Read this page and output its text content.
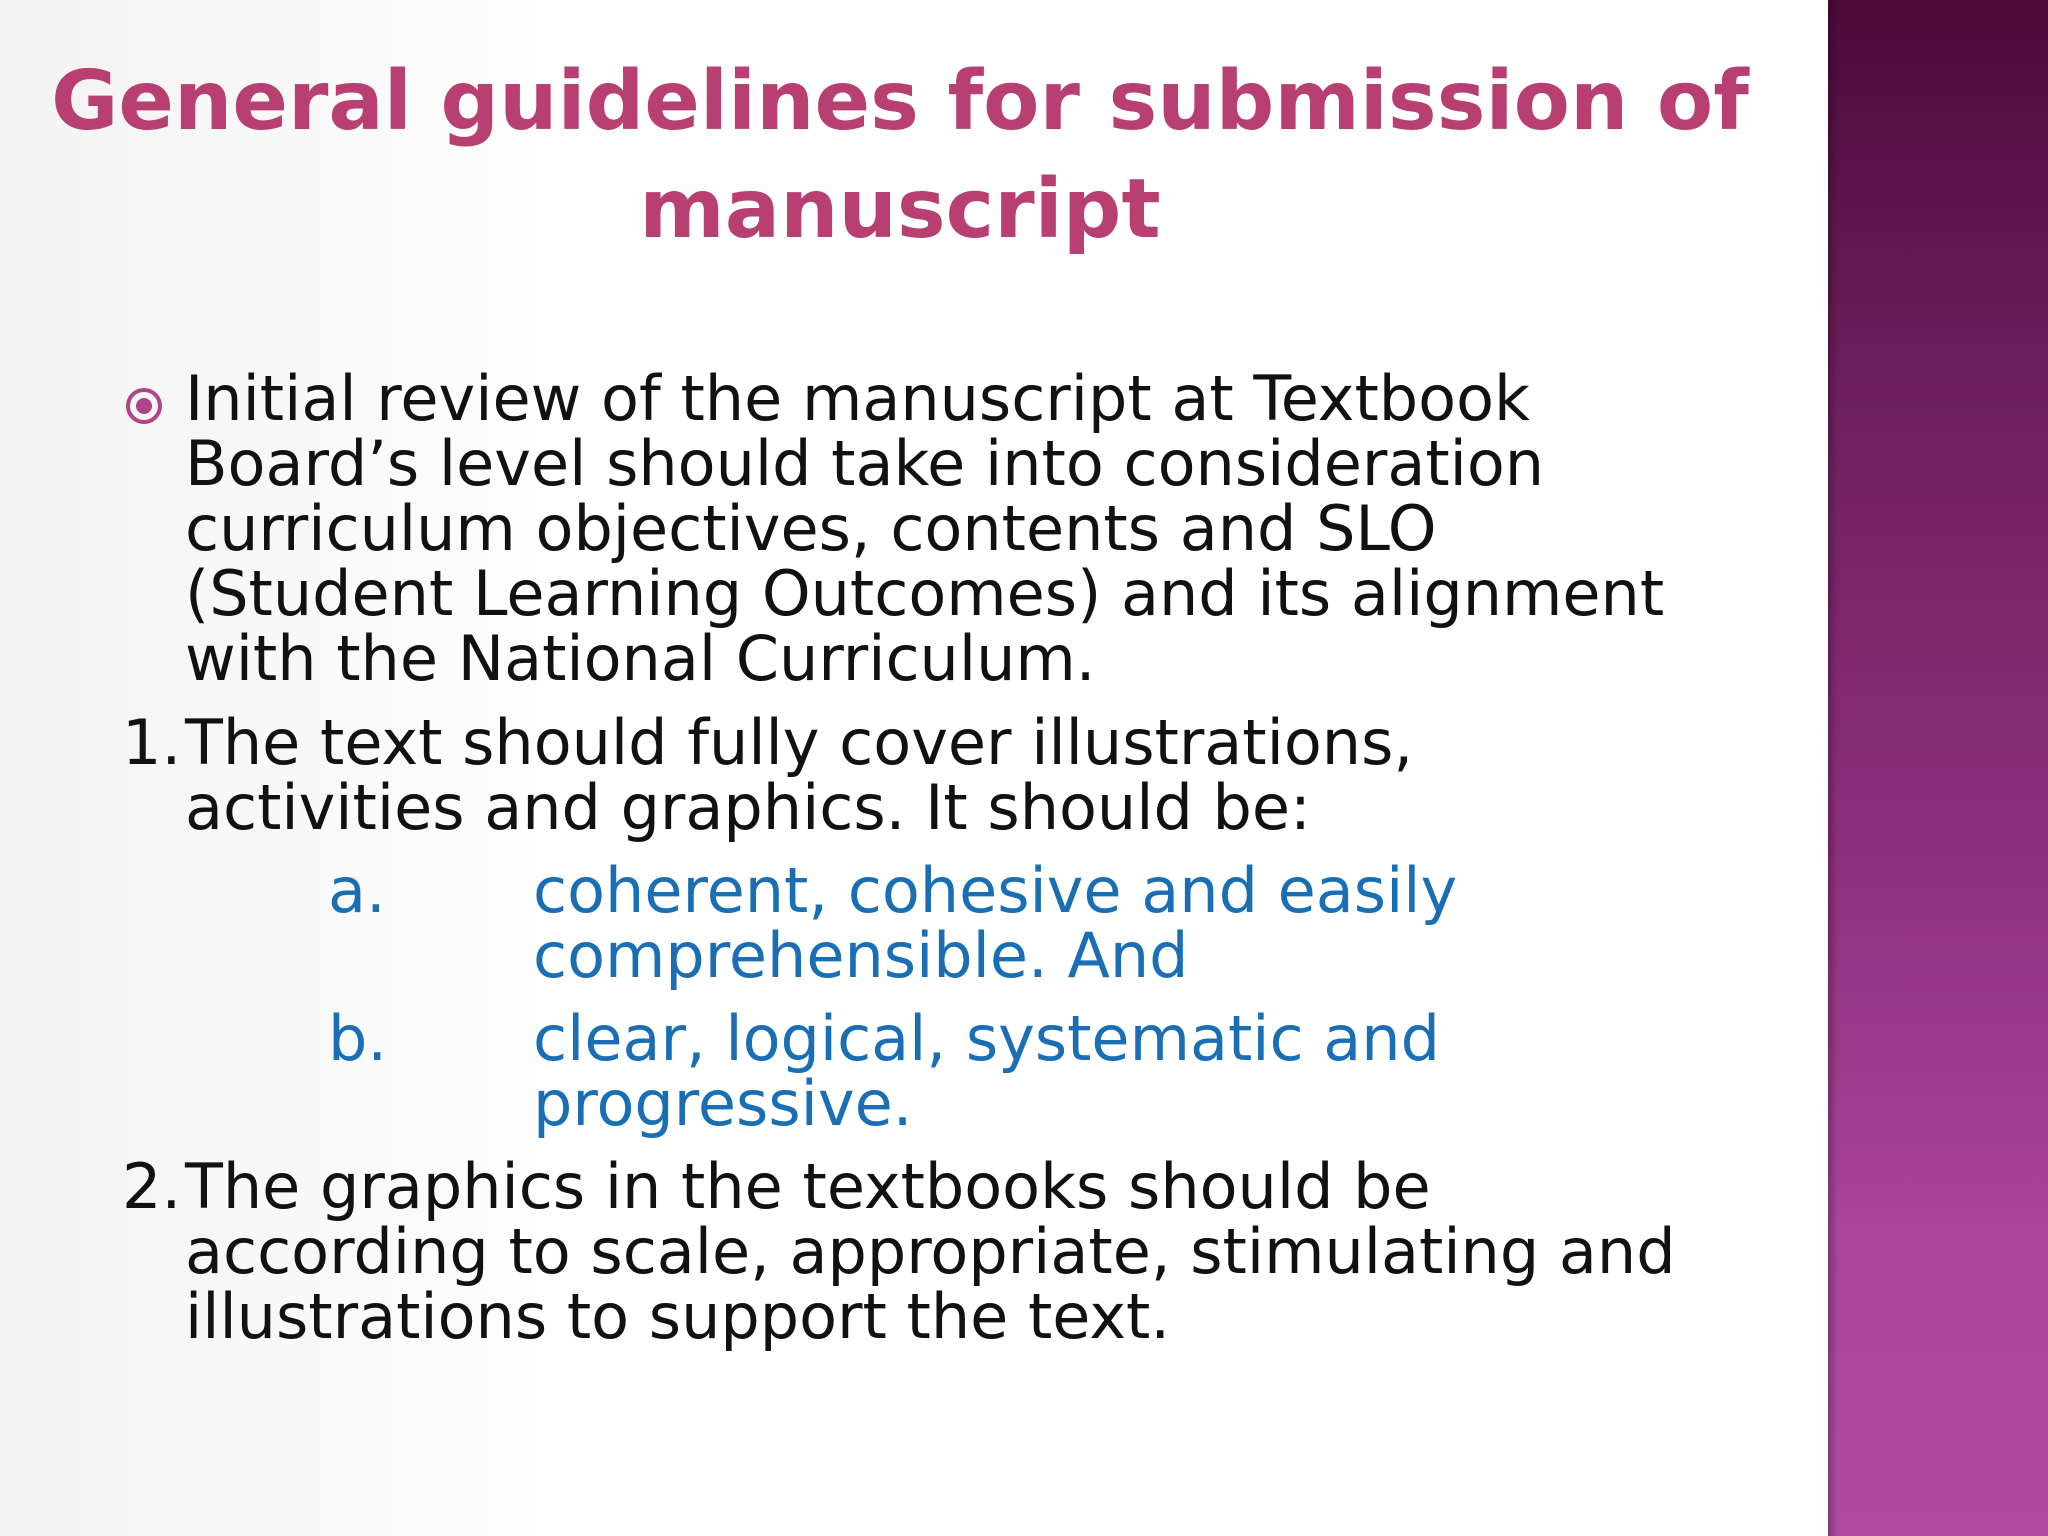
General guidelines for submission of
manuscript
Initial review of the manuscript at Textbook
Board’s level should take into consideration
curriculum objectives, contents and SLO
(Student Learning Outcomes) and its alignment
with the National Curriculum.
1. The text should fully cover illustrations,
activities and graphics. It should be:
a. coherent, cohesive and easily
comprehensible. And
b. clear, logical, systematic and
progressive.
2. The graphics in the textbooks should be
according to scale, appropriate, stimulating and
illustrations to support the text.
